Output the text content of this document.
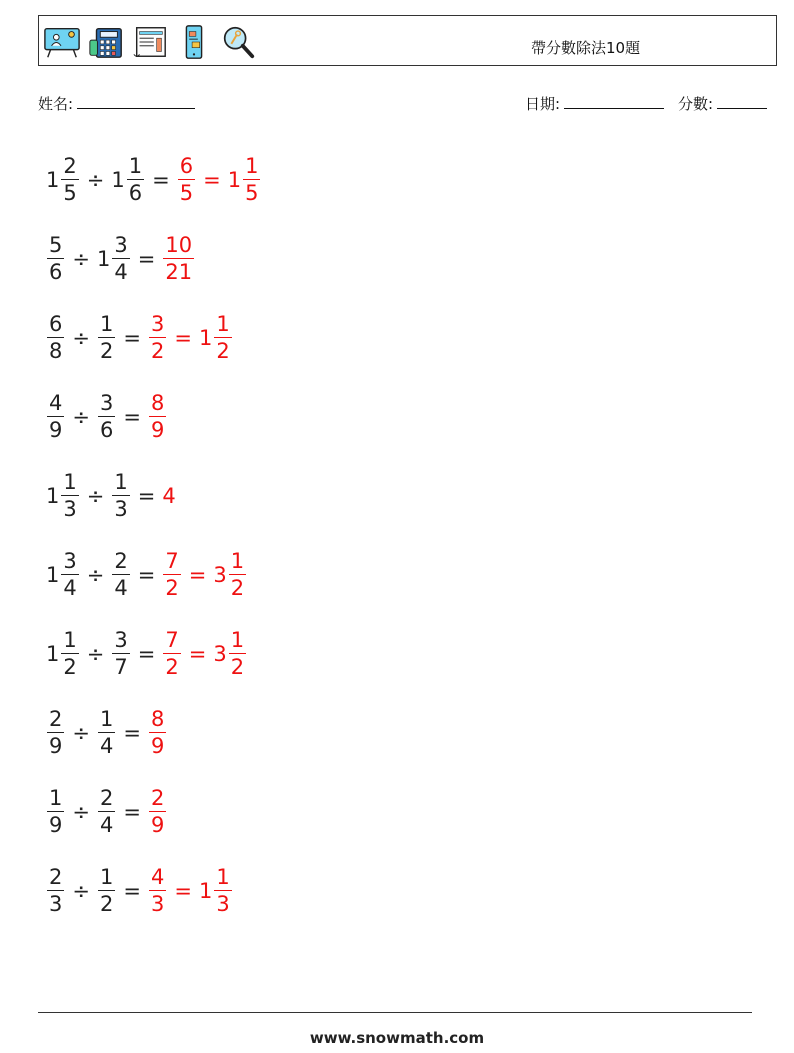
帶分數除法10題
姓名:	日期:	分數:
$1 \frac{2}{5} \div 1 \frac{1}{6} = \frac{6}{5} = 1 \frac{1}{5}$
$\frac{5}{6} \div 1 \frac{3}{4} = \frac{10}{21}$
$\frac{6}{8} \div \frac{1}{2} = \frac{3}{2} = 1 \frac{1}{2}$
$\frac{4}{9} \div \frac{3}{6} = \frac{8}{9}$
$1 \frac{1}{3} \div \frac{1}{3} = 4$
$1 \frac{3}{4} \div \frac{2}{4} = \frac{7}{2} = 3 \frac{1}{2}$
$1 \frac{1}{2} \div \frac{3}{7} = \frac{7}{2} = 3 \frac{1}{2}$
$\frac{2}{9} \div \frac{1}{4} = \frac{8}{9}$
$\frac{1}{9} \div \frac{2}{4} = \frac{2}{9}$
$\frac{2}{3} \div \frac{1}{2} = \frac{4}{3} = 1 \frac{1}{3}$
www.snowmath.com
